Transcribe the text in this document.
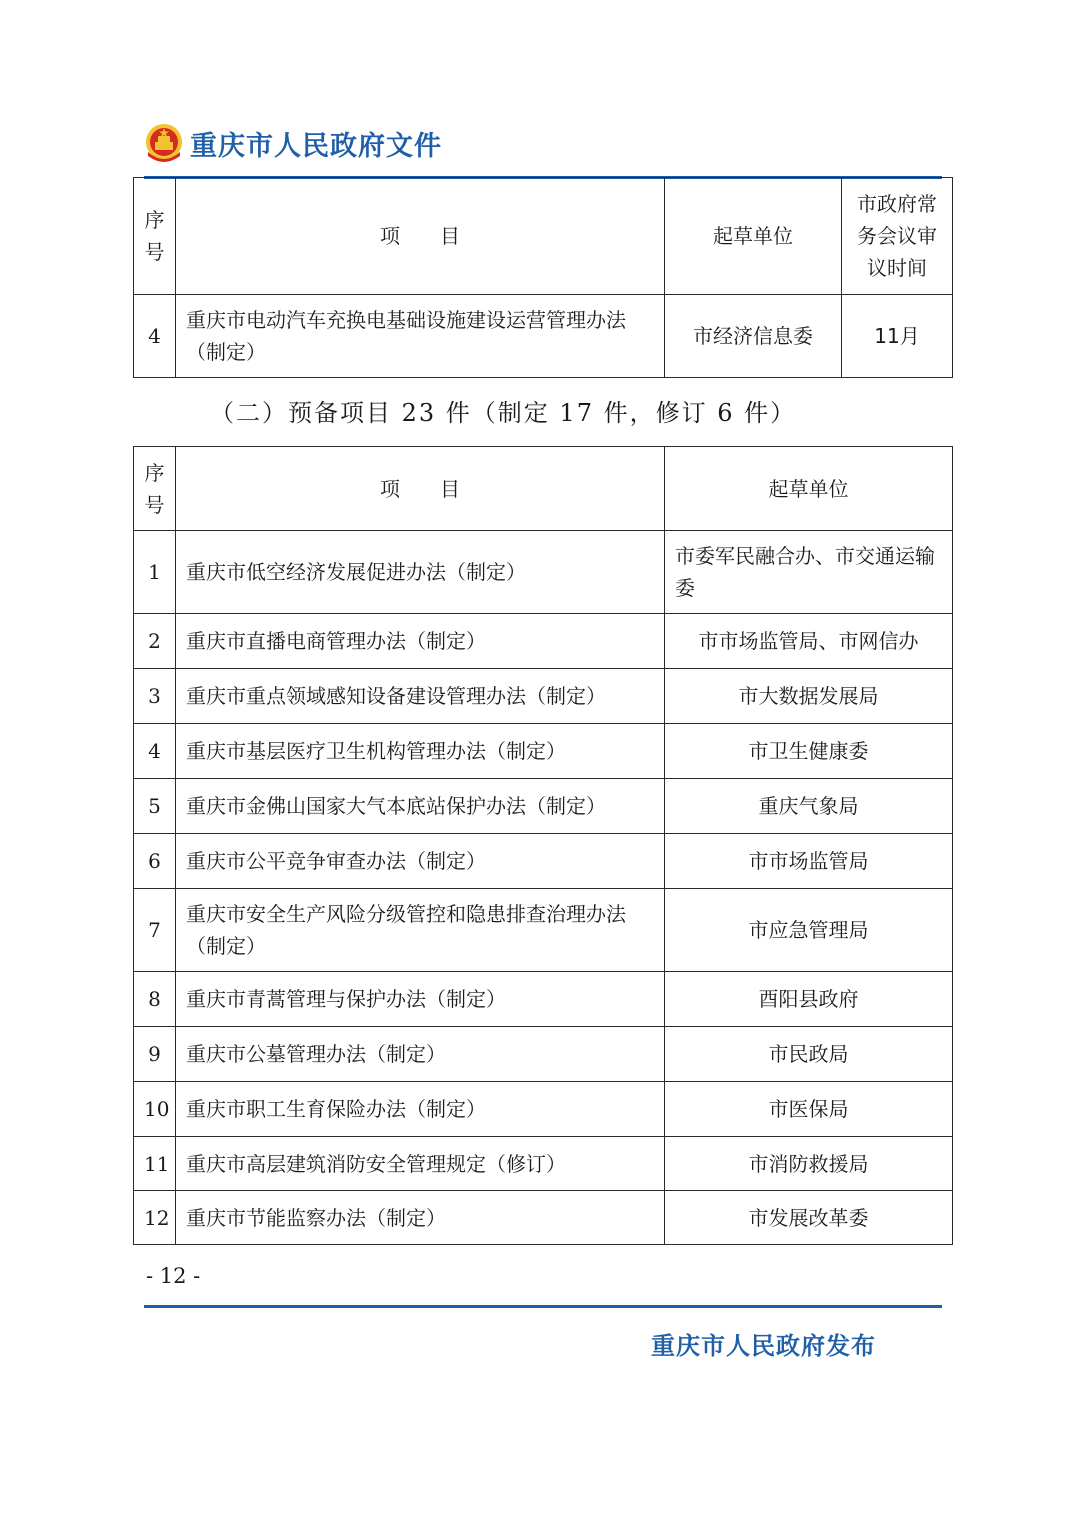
重庆市人民政府文件
序号	项　　目	起草单位	市政府常务会议审议时间

4	重庆市电动汽车充换电基础设施建设运营管理办法（制定）	市经济信息委	11月
（二）预备项目 23 件（制定 17 件，修订 6 件）
序号	项　　目	起草单位
1	重庆市低空经济发展促进办法（制定）	市委军民融合办、市交通运输委
2	重庆市直播电商管理办法（制定）	市市场监管局、市网信办
3	重庆市重点领域感知设备建设管理办法（制定）	市大数据发展局
4	重庆市基层医疗卫生机构管理办法（制定）	市卫生健康委
5	重庆市金佛山国家大气本底站保护办法（制定）	重庆气象局
6	重庆市公平竞争审查办法（制定）	市市场监管局
7	重庆市安全生产风险分级管控和隐患排查治理办法（制定）	市应急管理局
8	重庆市青蒿管理与保护办法（制定）	酉阳县政府
9	重庆市公墓管理办法（制定）	市民政局
10	重庆市职工生育保险办法（制定）	市医保局
11	重庆市高层建筑消防安全管理规定（修订）	市消防救援局
12	重庆市节能监察办法（制定）	市发展改革委
- 12 -
重庆市人民政府发布
